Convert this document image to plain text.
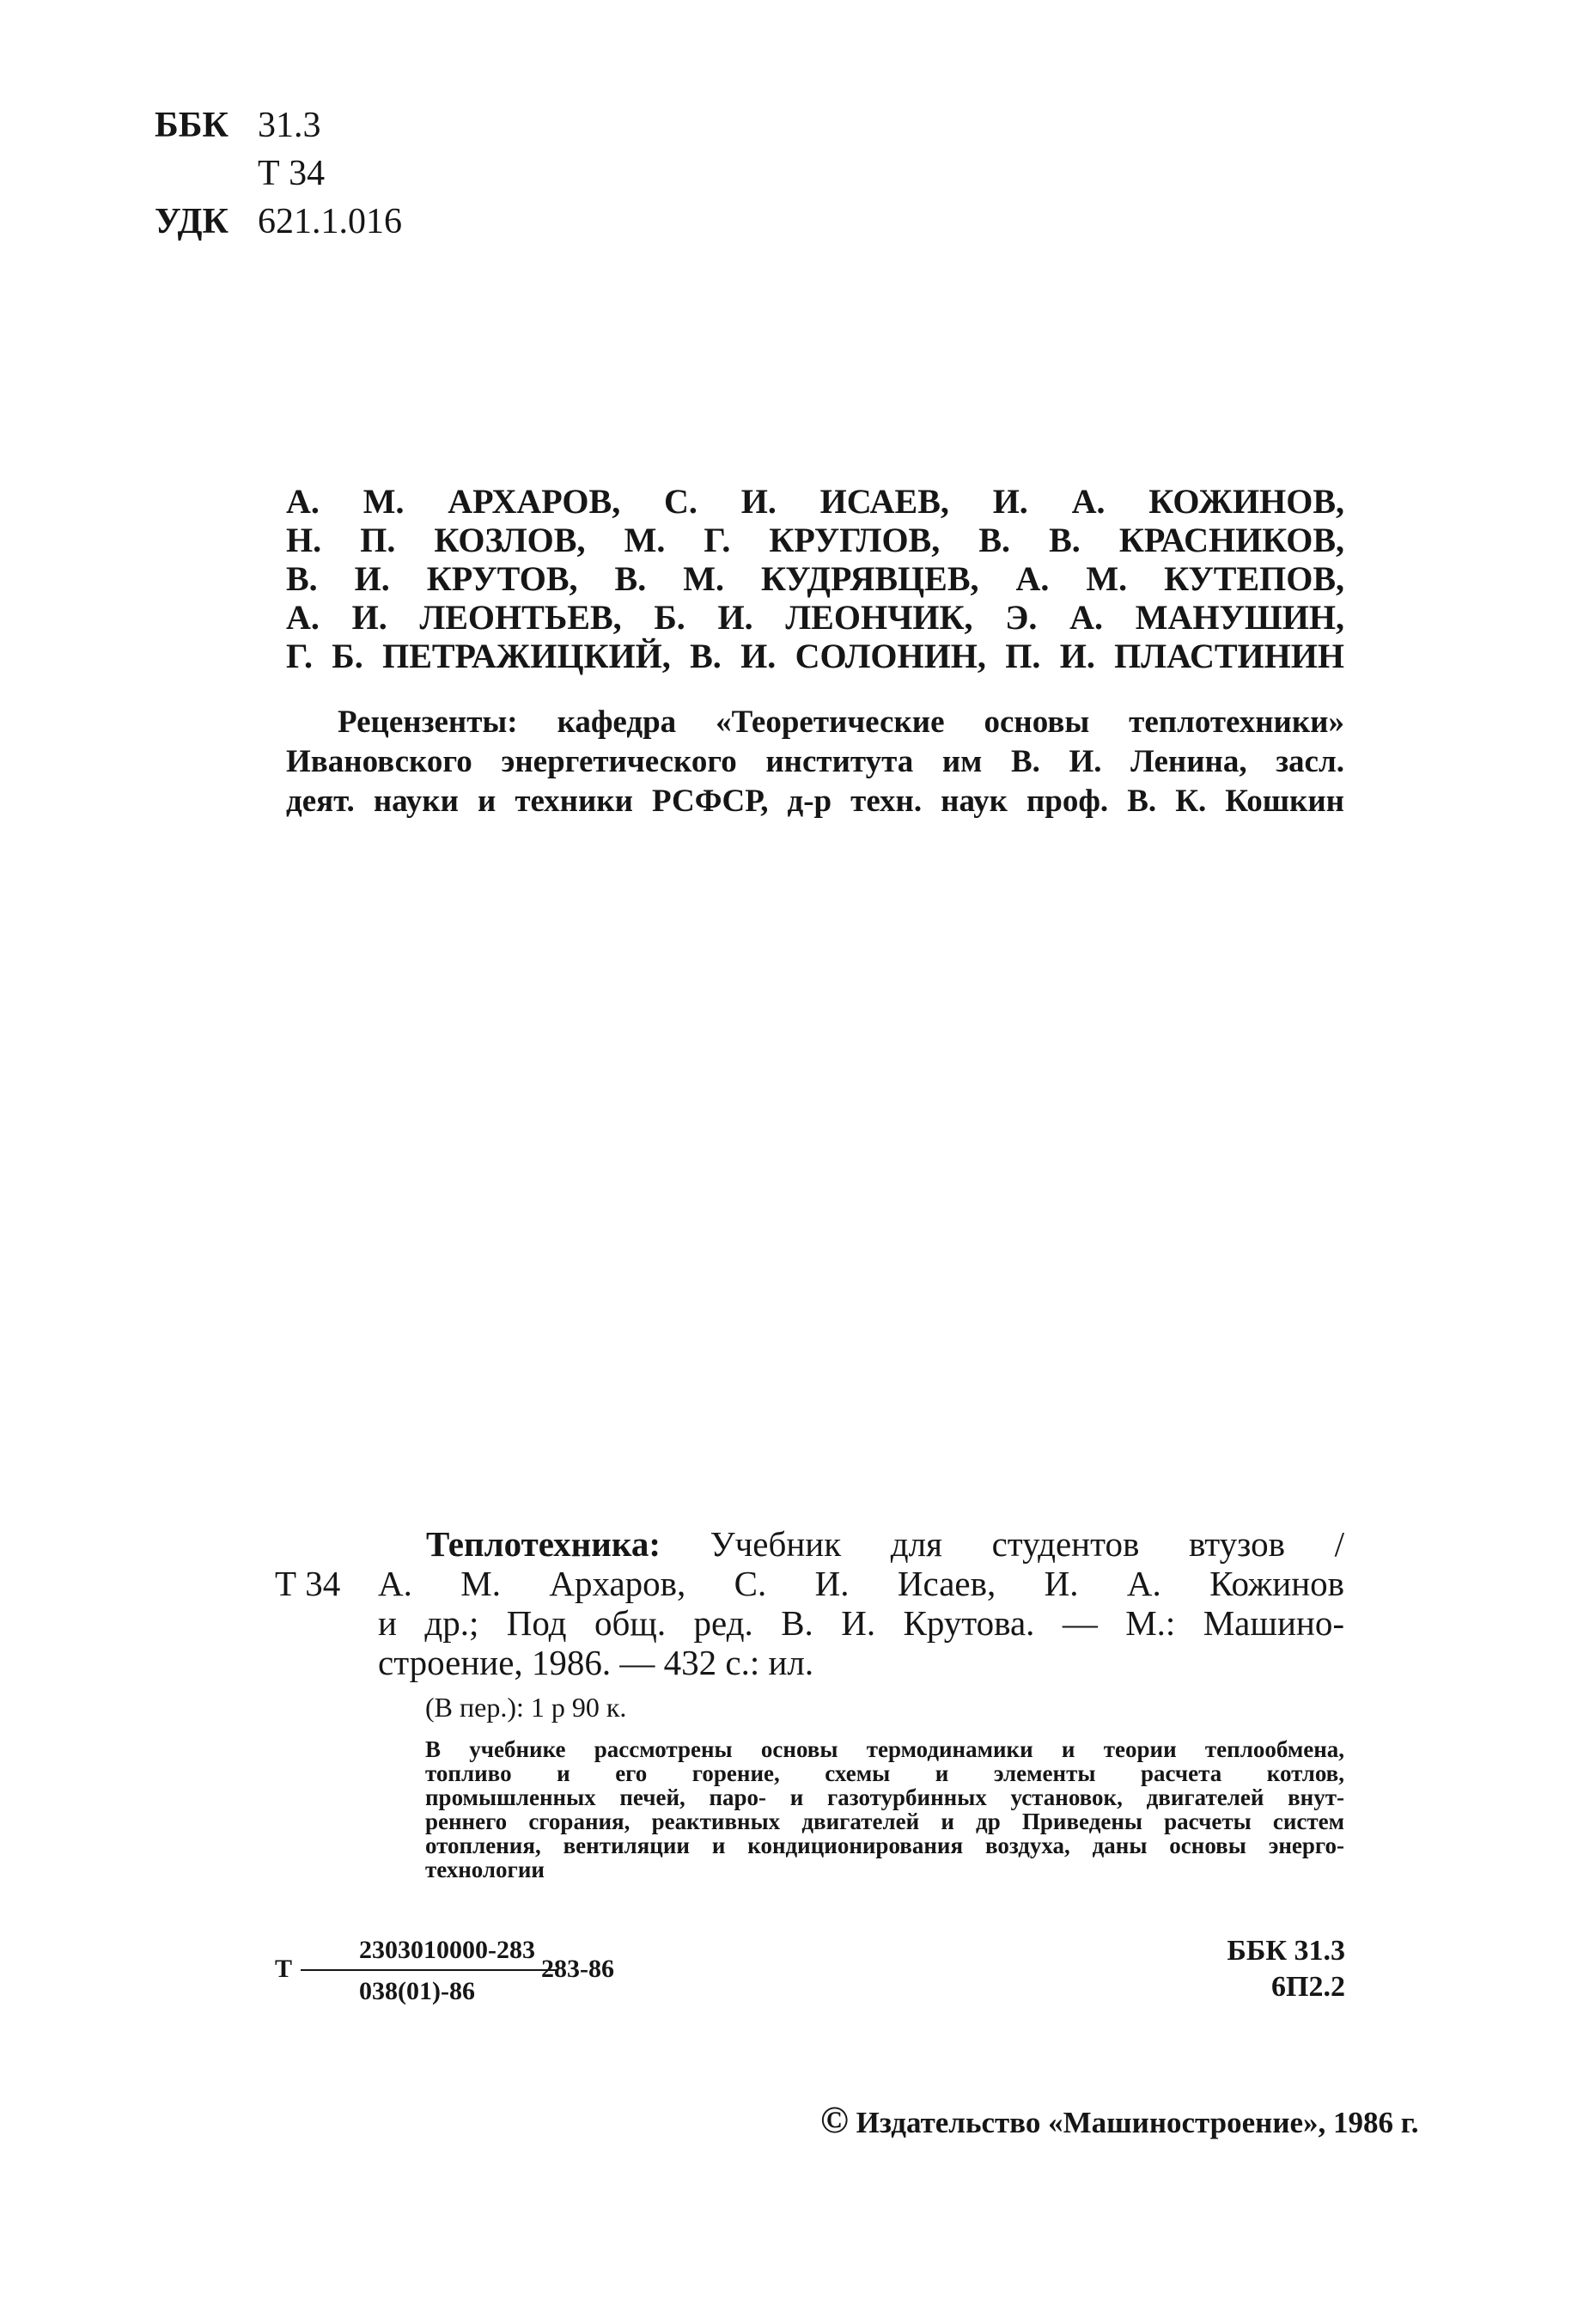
ББК 31.3
Т 34
УДК 621.1.016
А. М. АРХАРОВ, С. И. ИСАЕВ, И. А. КОЖИНОВ,
Н. П. КОЗЛОВ, М. Г. КРУГЛОВ, В. В. КРАСНИКОВ,
В. И. КРУТОВ, В. М. КУДРЯВЦЕВ, А. М. КУТЕПОВ,
А. И. ЛЕОНТЬЕВ, Б. И. ЛЕОНЧИК, Э. А. МАНУШИН,
Г. Б. ПЕТРАЖИЦКИЙ, В. И. СОЛОНИН, П. И. ПЛАСТИНИН
Рецензенты: кафедра «Теоретические основы теплотехники»
Ивановского энергетического института им В. И. Ленина, засл.
деят. науки и техники РСФСР, д-р техн. наук проф. В. К. Кошкин
Теплотехника: Учебник для студентов втузов /
Т 34	А. М. Архаров, С. И. Исаев, И. А. Кожинов
и др.; Под общ. ред. В. И. Крутова. — М.: Машино-
строение, 1986. — 432 с.: ил.
(В пер.): 1 р 90 к.
В учебнике рассмотрены основы термодинамики и теории теплообмена,
топливо и его горение, схемы и элементы расчета котлов,
промышленных печей, паро- и газотурбинных установок, двигателей внут-
реннего сгорания, реактивных двигателей и др Приведены расчеты систем
отопления, вентиляции и кондиционирования воздуха, даны основы энерго-
технологии
Т
2303010000-283
038(01)-86
283-86
ББК 31.3
6П2.2
© Издательство «Машиностроение», 1986 г.
